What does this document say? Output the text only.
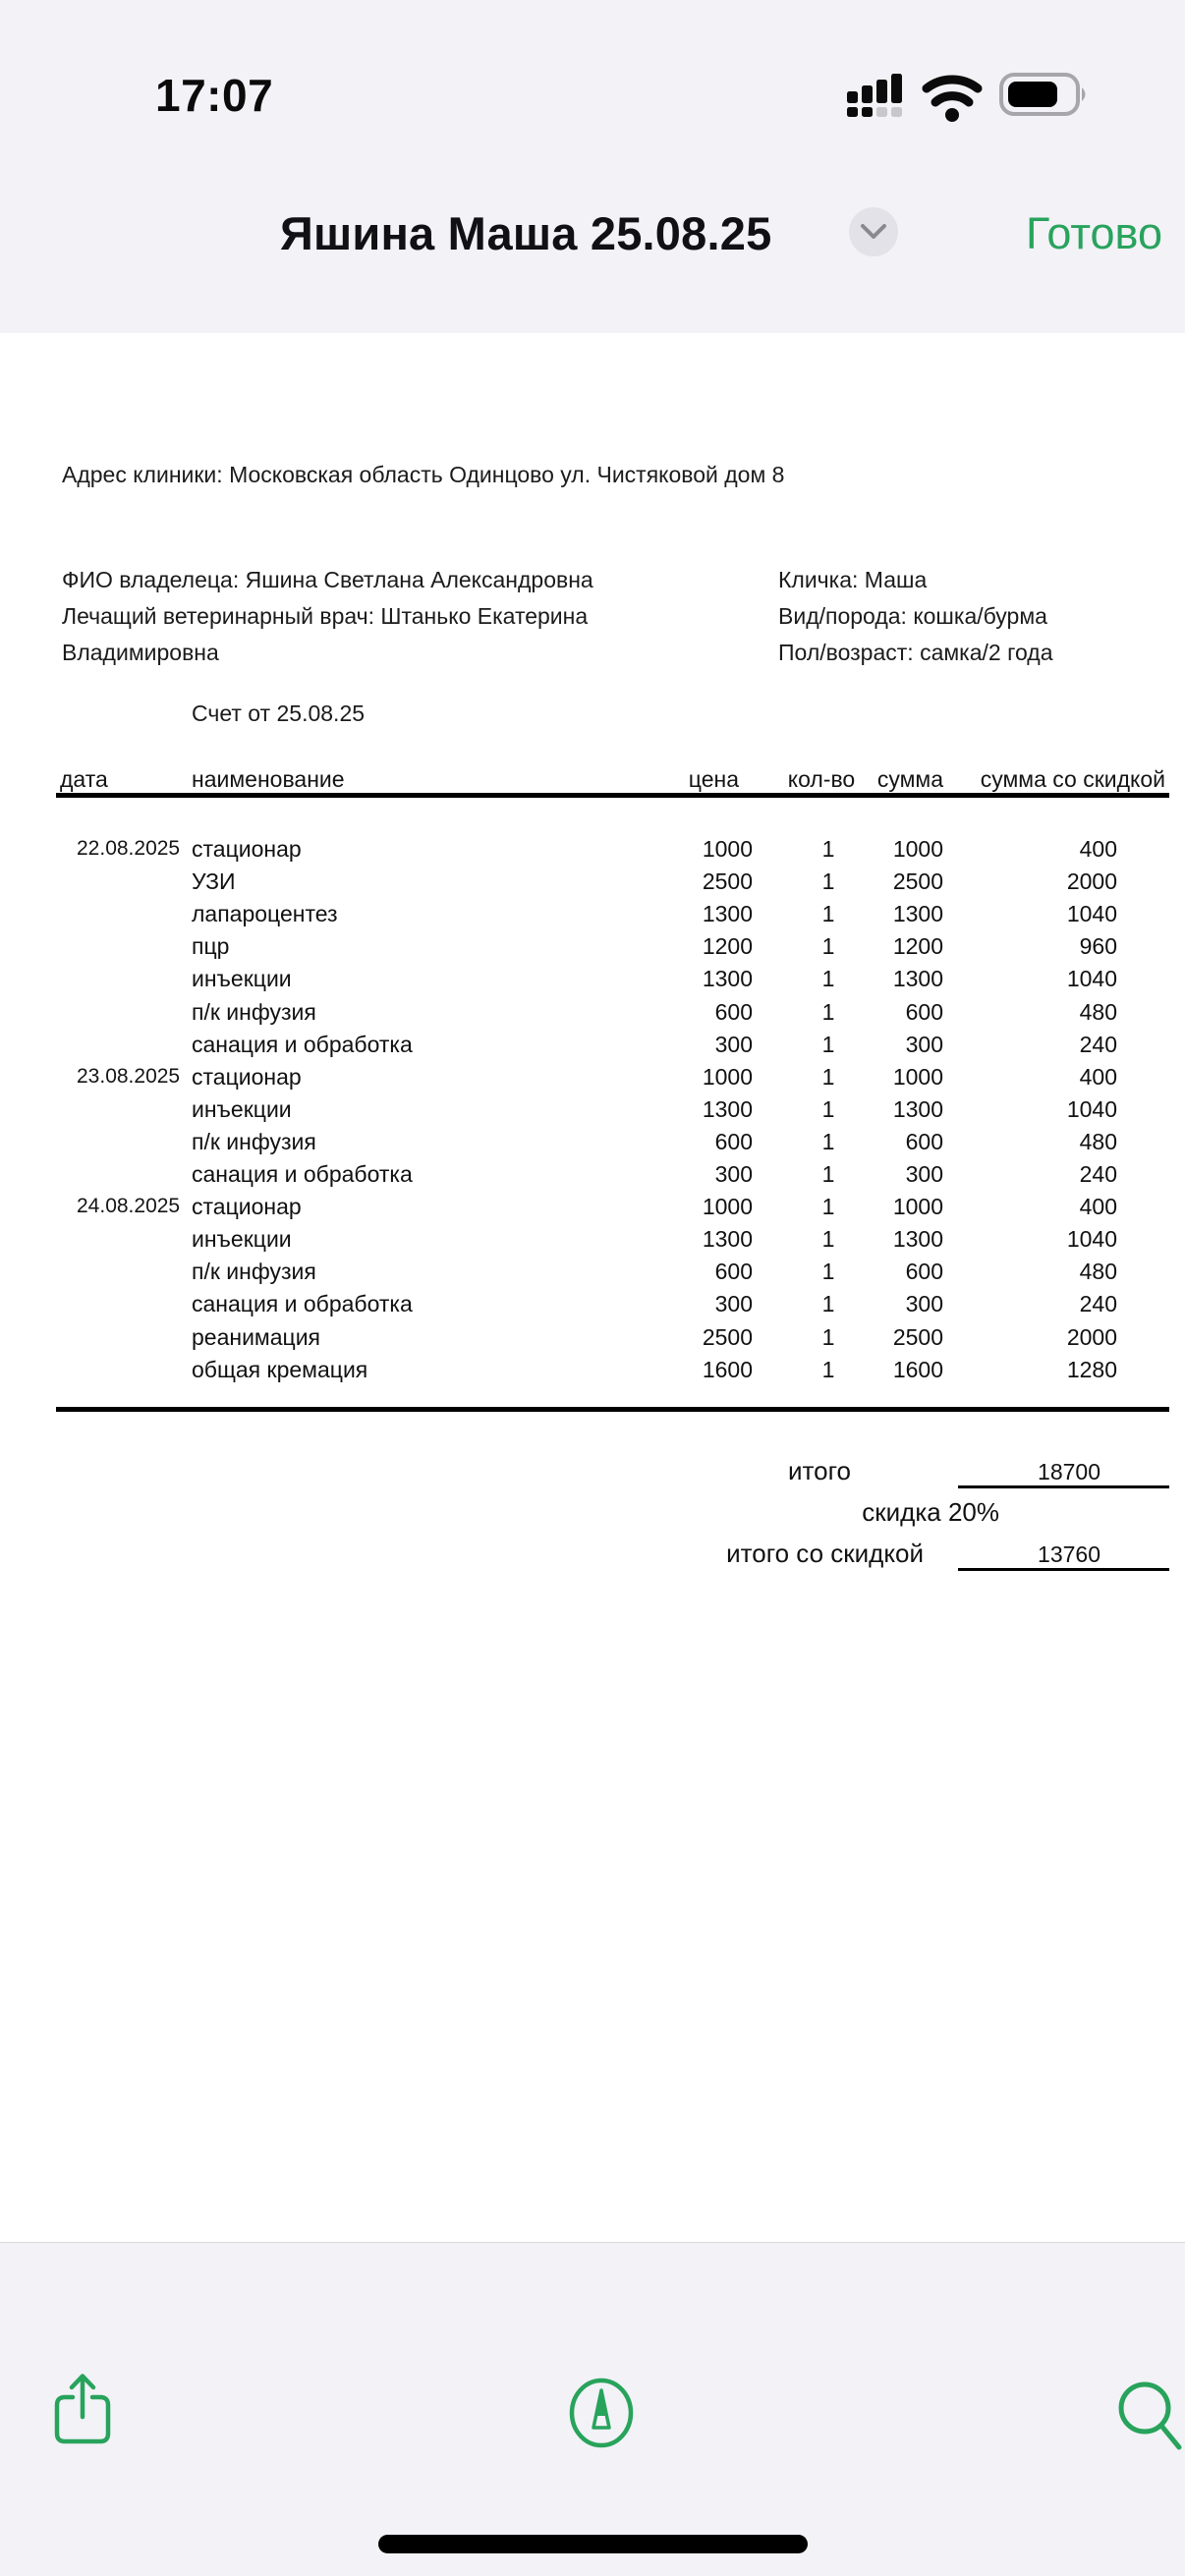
17:07
Яшина Маша 25.08.25	Готово
Адрес клиники: Московская область Одинцово ул. Чистяковой дом 8
ФИО владелеца: Яшина Светлана Александровна
Лечащий ветеринарный врач: Штанько Екатерина
Владимировна
Кличка: Маша
Вид/порода: кошка/бурма
Пол/возраст: самка/2 года
Счет от 25.08.25
дата	наименование	цена	кол-во сумма	сумма со скидкой
22.08.2025 стационар	1000	1	1000	400
УЗИ	2500	1	2500	2000
лапароцентез	1300	1	1300	1040
пцр	1200	1	1200	960
инъекции	1300	1	1300	1040
п/к инфузия	600	1	600	480
санация и обработка	300	1	300	240
23.08.2025 стационар	1000	1	1000	400
инъекции	1300	1	1300	1040
п/к инфузия	600	1	600	480
санация и обработка	300	1	300	240
24.08.2025 стационар	1000	1	1000	400
инъекции	1300	1	1300	1040
п/к инфузия	600	1	600	480
санация и обработка	300	1	300	240
реанимация	2500	1	2500	2000
общая кремация	1600	1	1600	1280
итого	18700
скидка 20%
итого со скидкой	13760
